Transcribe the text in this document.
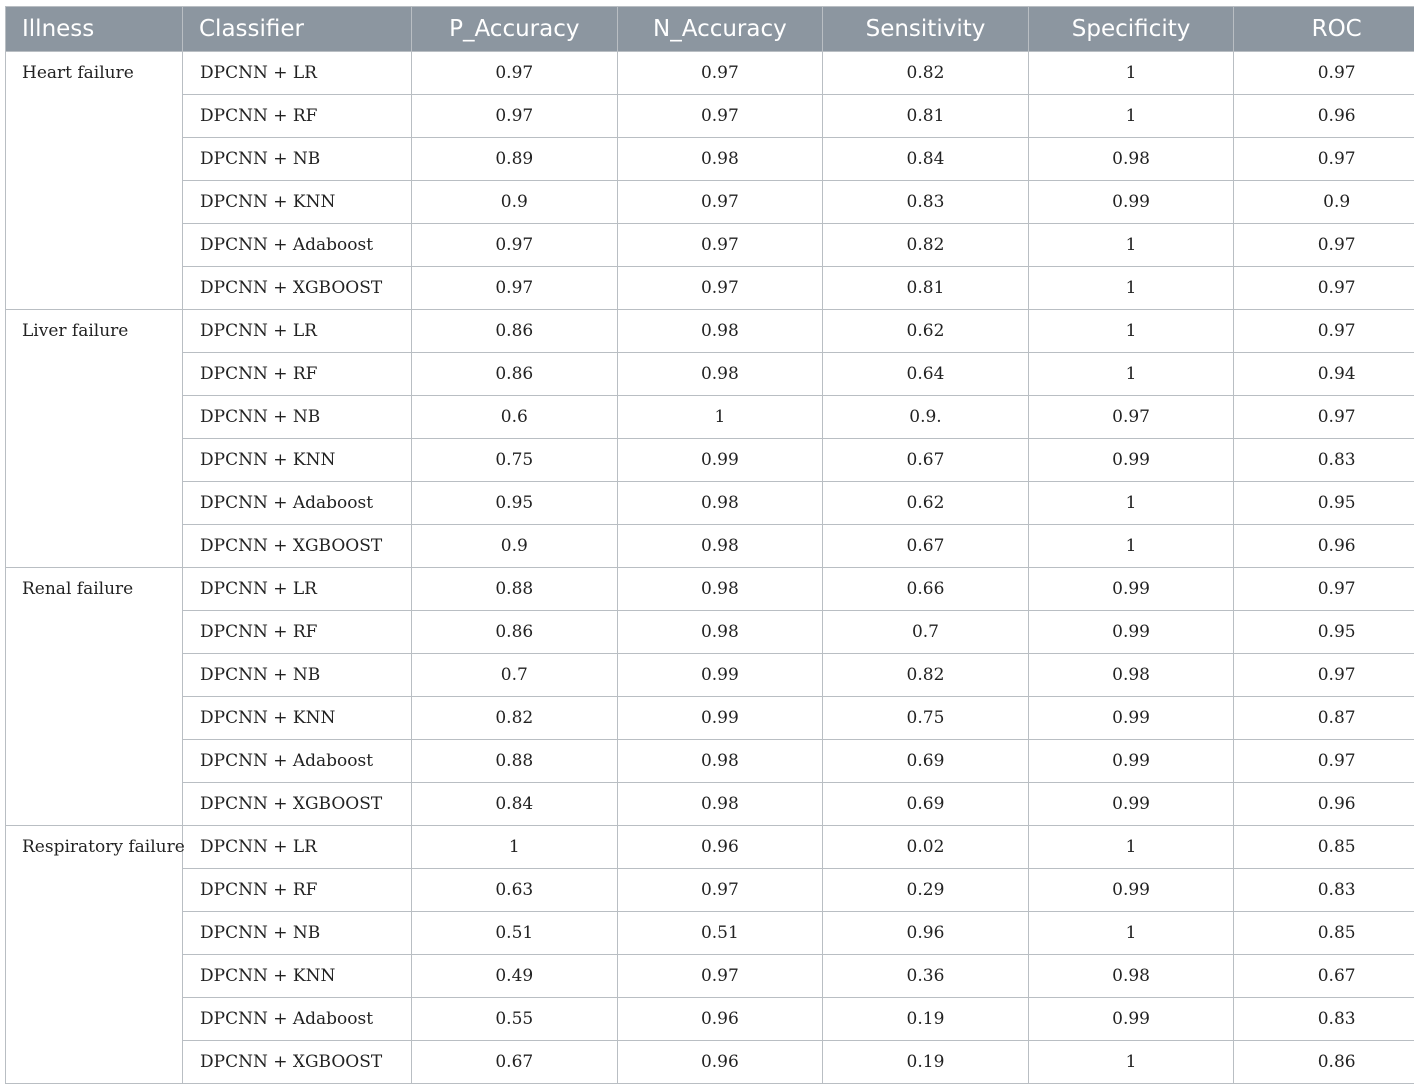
Illness	Classifier	P_Accuracy	N_Accuracy	Sensitivity	Specificity	ROC
Heart failure	DPCNN + LR	0.97	0.97	0.82	1	0.97
	DPCNN + RF	0.97	0.97	0.81	1	0.96
	DPCNN + NB	0.89	0.98	0.84	0.98	0.97
	DPCNN + KNN	0.9	0.97	0.83	0.99	0.9
	DPCNN + Adaboost	0.97	0.97	0.82	1	0.97
	DPCNN + XGBOOST	0.97	0.97	0.81	1	0.97
Liver failure	DPCNN + LR	0.86	0.98	0.62	1	0.97
	DPCNN + RF	0.86	0.98	0.64	1	0.94
	DPCNN + NB	0.6	1	0.9.	0.97	0.97
	DPCNN + KNN	0.75	0.99	0.67	0.99	0.83
	DPCNN + Adaboost	0.95	0.98	0.62	1	0.95
	DPCNN + XGBOOST	0.9	0.98	0.67	1	0.96
Renal failure	DPCNN + LR	0.88	0.98	0.66	0.99	0.97
	DPCNN + RF	0.86	0.98	0.7	0.99	0.95
	DPCNN + NB	0.7	0.99	0.82	0.98	0.97
	DPCNN + KNN	0.82	0.99	0.75	0.99	0.87
	DPCNN + Adaboost	0.88	0.98	0.69	0.99	0.97
	DPCNN + XGBOOST	0.84	0.98	0.69	0.99	0.96
Respiratory failure	DPCNN + LR	1	0.96	0.02	1	0.85
	DPCNN + RF	0.63	0.97	0.29	0.99	0.83
	DPCNN + NB	0.51	0.51	0.96	1	0.85
	DPCNN + KNN	0.49	0.97	0.36	0.98	0.67
	DPCNN + Adaboost	0.55	0.96	0.19	0.99	0.83
	DPCNN + XGBOOST	0.67	0.96	0.19	1	0.86
